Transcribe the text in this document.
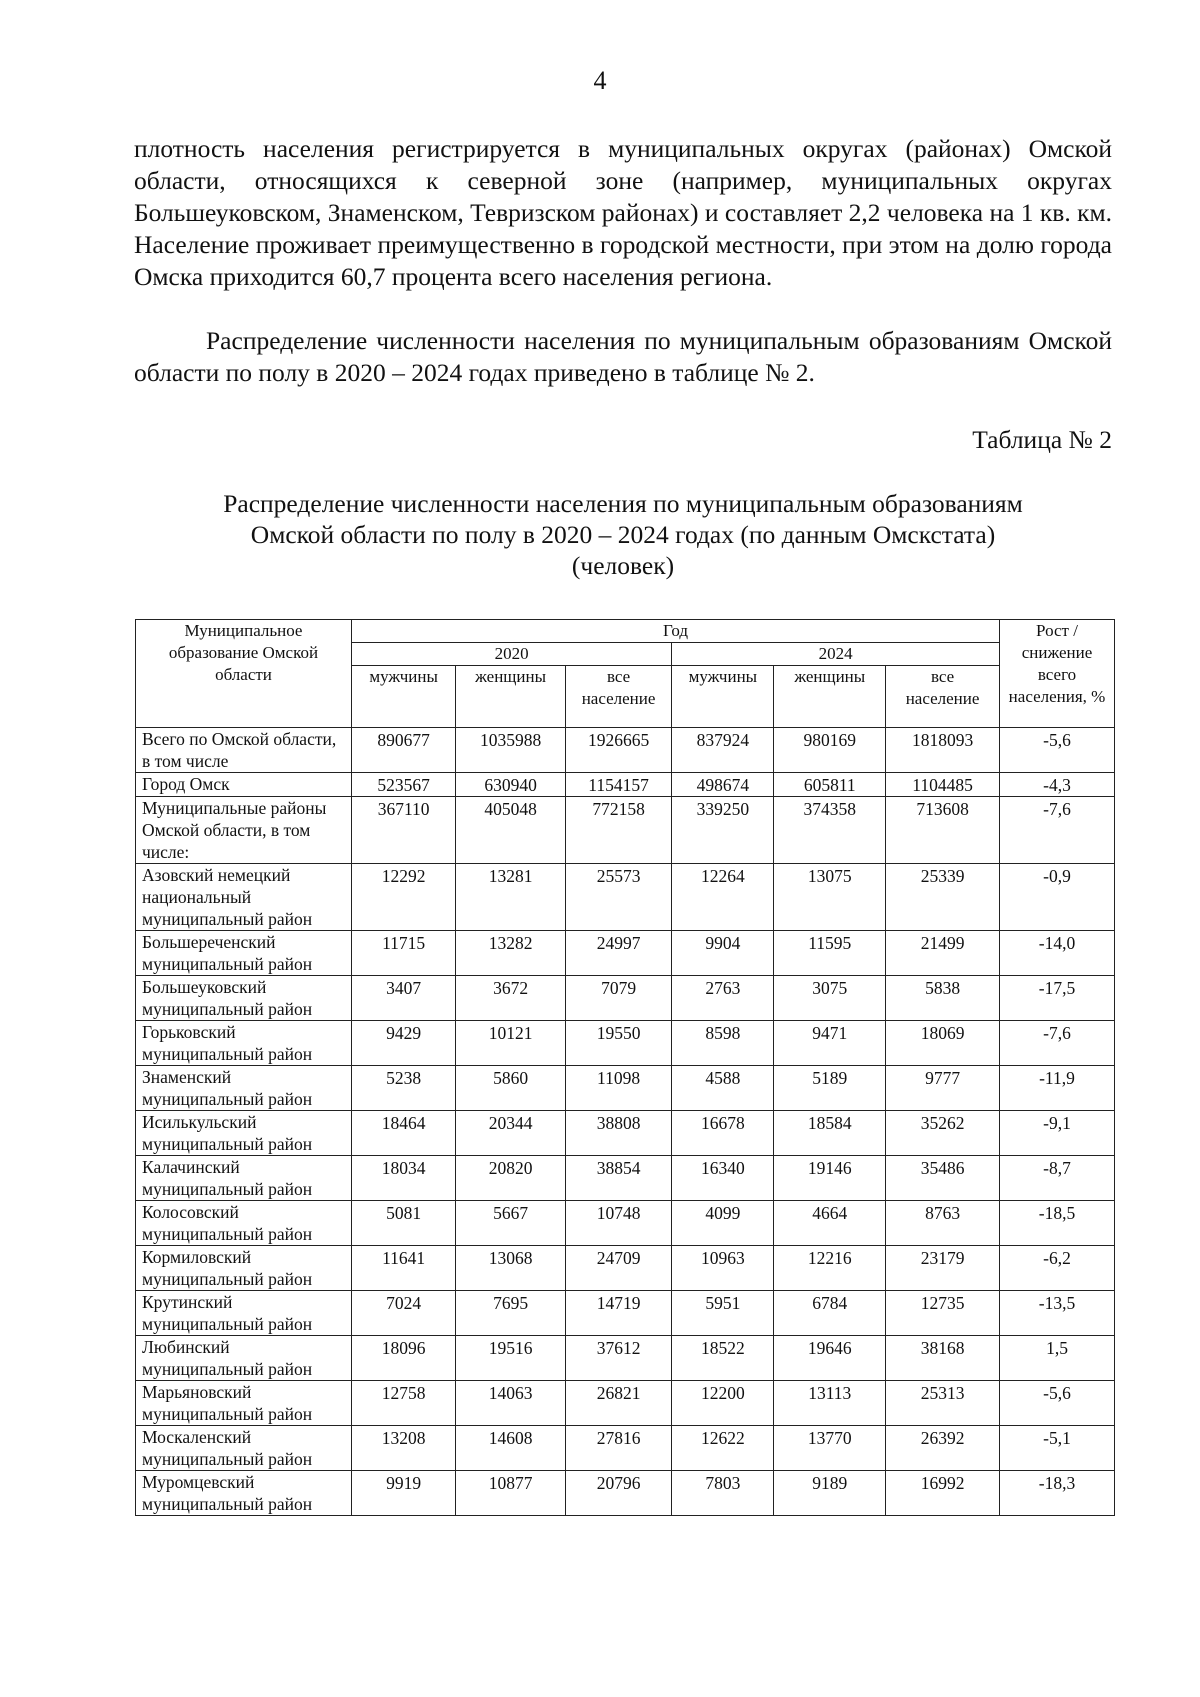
4
плотность населения регистрируется в муниципальных округах (районах) Омской области, относящихся к северной зоне (например, муниципальных округах Большеуковском, Знаменском, Тевризском районах) и составляет 2,2 человека на 1 кв. км. Население проживает преимущественно в городской местности, при этом на долю города Омска приходится 60,7 процента всего населения региона.
Распределение численности населения по муниципальным образованиям Омской области по полу в 2020 – 2024 годах приведено в таблице № 2.
Таблица № 2
Распределение численности населения по муниципальным образованиям
Омской области по полу в 2020 – 2024 годах (по данным Омскстата)
(человек)
Муниципальное образование Омской области	Год						Рост / снижение всего населения, %
	2020			2024			
	мужчины	женщины	все население	мужчины	женщины	все население	
Всего по Омской области, в том числе	890677	1035988	1926665	837924	980169	1818093	-5,6
Город Омск	523567	630940	1154157	498674	605811	1104485	-4,3
Муниципальные районы Омской области, в том числе:	367110	405048	772158	339250	374358	713608	-7,6
Азовский немецкий национальный муниципальный район	12292	13281	25573	12264	13075	25339	-0,9
Большереченский муниципальный район	11715	13282	24997	9904	11595	21499	-14,0
Большеуковский муниципальный район	3407	3672	7079	2763	3075	5838	-17,5
Горьковский муниципальный район	9429	10121	19550	8598	9471	18069	-7,6
Знаменский муниципальный район	5238	5860	11098	4588	5189	9777	-11,9
Исилькульский муниципальный район	18464	20344	38808	16678	18584	35262	-9,1
Калачинский муниципальный район	18034	20820	38854	16340	19146	35486	-8,7
Колосовский муниципальный район	5081	5667	10748	4099	4664	8763	-18,5
Кормиловский муниципальный район	11641	13068	24709	10963	12216	23179	-6,2
Крутинский муниципальный район	7024	7695	14719	5951	6784	12735	-13,5
Любинский муниципальный район	18096	19516	37612	18522	19646	38168	1,5
Марьяновский муниципальный район	12758	14063	26821	12200	13113	25313	-5,6
Москаленский муниципальный район	13208	14608	27816	12622	13770	26392	-5,1
Муромцевский муниципальный район	9919	10877	20796	7803	9189	16992	-18,3
